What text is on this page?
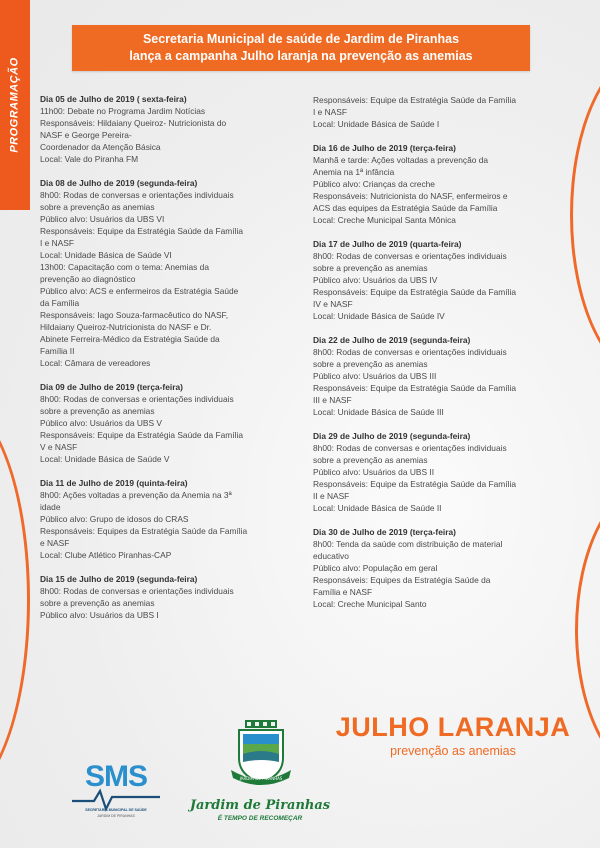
PROGRAMAÇÃO
Secretaria Municipal de saúde de Jardim de Piranhas
lança a campanha Julho laranja na prevenção as anemias
Dia 05 de Julho de 2019 ( sexta-feira)
11h00: Debate no Programa Jardim Notícias
Responsáveis: Hildaiany Queiroz- Nutricionista do
NASF e George Pereira-
Coordenador da Atenção Básica
Local: Vale do Piranha FM
Dia 08 de Julho de 2019 (segunda-feira)
8h00: Rodas de conversas e orientações individuais
sobre a prevenção as anemias
Público alvo: Usuários da UBS VI
Responsáveis: Equipe da Estratégia Saúde da Família
I e NASF
Local: Unidade Básica de Saúde VI
13h00: Capacitação com o tema: Anemias da
prevenção ao diagnóstico
Público alvo: ACS e enfermeiros da Estratégia Saúde
da Família
Responsáveis: Iago Souza-farmacêutico do NASF,
Hildaiany Queiroz-Nutricionista do NASF e Dr.
Abinete Ferreira-Médico da Estratégia Saúde da
Família II
Local: Câmara de vereadores
Dia 09 de Julho de 2019 (terça-feira)
8h00: Rodas de conversas e orientações individuais
sobre a prevenção as anemias
Público alvo: Usuários da UBS V
Responsáveis: Equipe da Estratégia Saúde da Família
V e NASF
Local: Unidade Básica de Saúde V
Dia 11 de Julho de 2019 (quinta-feira)
8h00: Ações voltadas a prevenção da Anemia na 3ª
idade
Público alvo: Grupo de idosos do CRAS
Responsáveis: Equipes da Estratégia Saúde da Família
e NASF
Local: Clube Atlético Piranhas-CAP
Dia 15 de Julho de 2019 (segunda-feira)
8h00: Rodas de conversas e orientações individuais
sobre a prevenção as anemias
Público alvo: Usuários da UBS I
Responsáveis: Equipe da Estratégia Saúde da Família
I e NASF
Local: Unidade Básica de Saúde I
Dia 16 de Julho de 2019 (terça-feira)
Manhã e tarde: Ações voltadas a prevenção da
Anemia na 1ª infância
Público alvo: Crianças da creche
Responsáveis: Nutricionista do NASF, enfermeiros e
ACS das equipes da Estratégia Saúde da Família
Local: Creche Municipal Santa Mônica
Dia 17 de Julho de 2019 (quarta-feira)
8h00: Rodas de conversas e orientações individuais
sobre a prevenção as anemias
Público alvo: Usuários da UBS IV
Responsáveis: Equipe da Estratégia Saúde da Família
IV e NASF
Local: Unidade Básica de Saúde IV
Dia 22 de Julho de 2019 (segunda-feira)
8h00: Rodas de conversas e orientações individuais
sobre a prevenção as anemias
Público alvo: Usuários da UBS III
Responsáveis: Equipe da Estratégia Saúde da Família
III e NASF
Local: Unidade Básica de Saúde III
Dia 29 de Julho de 2019 (segunda-feira)
8h00: Rodas de conversas e orientações individuais
sobre a prevenção as anemias
Público alvo: Usuários da UBS II
Responsáveis: Equipe da Estratégia Saúde da Família
II e NASF
Local: Unidade Básica de Saúde II
Dia 30 de Julho de 2019 (terça-feira)
8h00: Tenda da saúde com distribuição de material
educativo
Público alvo: População em geral
Responsáveis: Equipes da Estratégia Saúde da
Família e NASF
Local: Creche Municipal Santo
JULHO LARANJA
prevenção as anemias
SMS
SECRETARIA MUNICIPAL DE SAÚDE
JARDIM DE PIRANHAS
JARDIM DE PIRANHAS
Jardim de Piranhas
É TEMPO DE RECOMEÇAR
